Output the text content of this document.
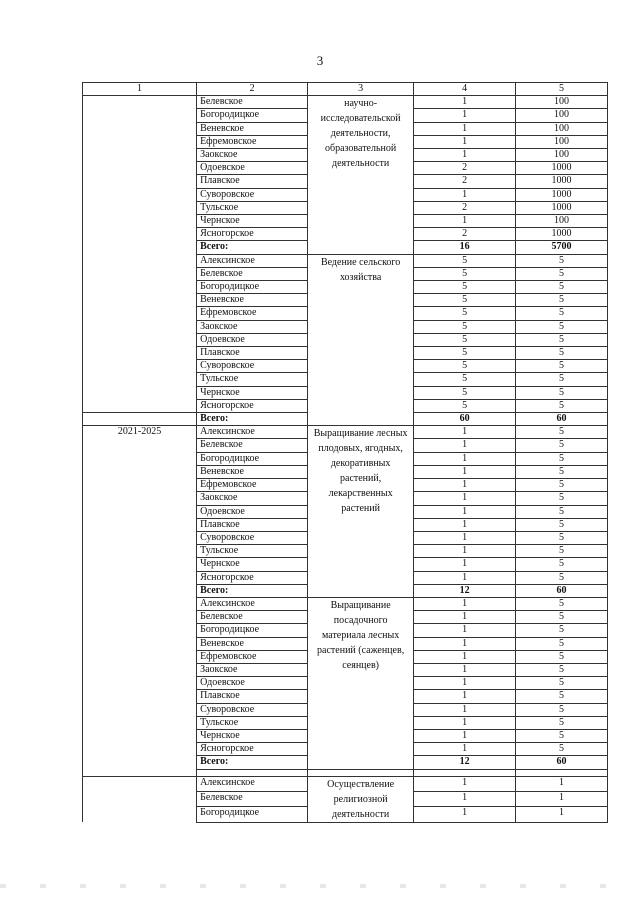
3
1	2	3	4	5
	Белевское	научно-исследовательской деятельности, образовательной деятельности	1	100
	Богородицкое		1	100
	Веневское		1	100
	Ефремовское		1	100
	Заокское		1	100
	Одоевское		2	1000
	Плавское		2	1000
	Суворовское		1	1000
	Тульское		2	1000
	Чернское		1	100
	Ясногорское		2	1000
	Всего:		16	5700
	Алексинское	Ведение сельского хозяйства	5	5
	Белевское		5	5
	Богородицкое		5	5
	Веневское		5	5
	Ефремовское		5	5
	Заокское		5	5
	Одоевское		5	5
	Плавское		5	5
	Суворовское		5	5
	Тульское		5	5
	Чернское		5	5
	Ясногорское		5	5
	Всего:		60	60
2021-2025	Алексинское	Выращивание лесных плодовых, ягодных, декоративных растений, лекарственных растений	1	5
	Белевское		1	5
	Богородицкое		1	5
	Веневское		1	5
	Ефремовское		1	5
	Заокское		1	5
	Одоевское		1	5
	Плавское		1	5
	Суворовское		1	5
	Тульское		1	5
	Чернское		1	5
	Ясногорское		1	5
	Всего:		12	60
	Алексинское	Выращивание посадочного материала лесных растений (саженцев, сеянцев)	1	5
	Белевское		1	5
	Богородицкое		1	5
	Веневское		1	5
	Ефремовское		1	5
	Заокское		1	5
	Одоевское		1	5
	Плавское		1	5
	Суворовское		1	5
	Тульское		1	5
	Чернское		1	5
	Ясногорское		1	5
	Всего:		12	60

	Алексинское	Осуществление религиозной деятельности	1	1
	Белевское		1	1
	Богородицкое		1	1
